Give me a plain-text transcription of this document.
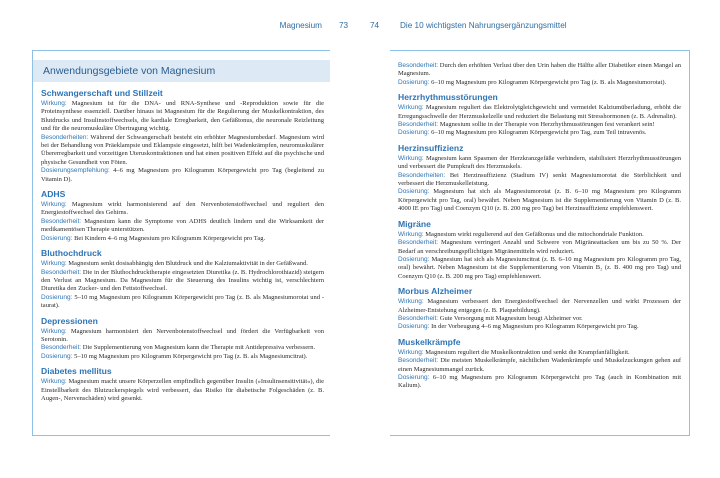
Magnesium 73	74	Die 10 wichtigsten Nahrungsergänzungsmittel
Anwendungsgebiete von Magnesium
Schwangerschaft und Stillzeit

Wirkung: Magnesium ist für die DNA- und RNA-Synthese und -Reproduktion sowie für die Proteinsynthese essenziell. Darüber hinaus ist Magnesium für die Regulierung der Muskelkontraktion, des Blutdrucks und Insulinstoffwechsels, die kardiale Erregbarkeit, den Gefäßtonus, die neuronale Reizleitung und für die neuromuskuläre Übertragung wichtig.

Besonderheiten: Während der Schwangerschaft besteht ein erhöhter Magnesiumbedarf. Magnesium wird bei der Behandlung von Präeklampsie und Eklampsie eingesetzt, hilft bei Wadenkrämpfen, neuromuskulärer Übererregbarkeit und vorzeitigen Uteruskontraktionen und hat einen positiven Effekt auf die psychische und physische Gesundheit von Föten.

Dosierungsempfehlung: 4–6 mg Magnesium pro Kilogramm Körpergewicht pro Tag (begleitend zu Vitamin D).

ADHS

Wirkung: Magnesium wirkt harmonisierend auf den Nervenbotenstoffwechsel und reguliert den Energiestoffwechsel des Gehirns.

Besonderheit: Magnesium kann die Symptome von ADHS deutlich lindern und die Wirksamkeit der medikamentösen Therapie unterstützen.

Dosierung: Bei Kindern 4–6 mg Magnesium pro Kilogramm Körpergewicht pro Tag.

Bluthochdruck

Wirkung: Magnesium senkt dosisabhängig den Blutdruck und die Kalziumaktivität in der Gefäßwand.

Besonderheit: Die in der Bluthochdrucktherapie eingesetzten Diuretika (z. B. Hydrochlorothiazid) steigern den Verlust an Magnesium. Da Magnesium für die Steuerung des Insulins wichtig ist, verschlechtern Diuretika den Zucker- und den Fettstoffwechsel.

Dosierung: 5–10 mg Magnesium pro Kilogramm Körpergewicht pro Tag (z. B. als Magnesiumorotat und -taurat).

Depressionen

Wirkung: Magnesium harmonisiert den Nervenbotenstoffwechsel und fördert die Verfügbarkeit von Serotonin.

Besonderheit: Die Supplementierung von Magnesium kann die Therapie mit Antidepressiva verbessern.

Dosierung: 5–10 mg Magnesium pro Kilogramm Körpergewicht pro Tag (z. B. als Magnesiumcitrat).

Diabetes mellitus

Wirkung: Magnesium macht unsere Körperzellen empfindlich gegenüber Insulin (»Insulinsensitivität«), die Einstellbarkeit des Blutzuckerspiegels wird verbessert, das Risiko für diabetische Folgeschäden (z. B. Augen-, Nervenschäden) wird gesenkt.

Besonderheit: Durch den erhöhten Verlust über den Urin haben die Hälfte aller Diabetiker einen Mangel an Magnesium.

Dosierung: 6–10 mg Magnesium pro Kilogramm Körpergewicht pro Tag (z. B. als Magnesiumorotat).

Herzrhythmusstörungen

Wirkung: Magnesium reguliert das Elektrolytgleichgewicht und vermeidet Kalziumüberladung, erhöht die Erregungsschwelle der Herzmuskelzelle und reduziert die Belastung mit Stresshormonen (z. B. Adrenalin).

Besonderheit: Magnesium sollte in der Therapie von Herzrhythmusstörungen fest verankert sein!

Dosierung: 6–10 mg Magnesium pro Kilogramm Körpergewicht pro Tag, zum Teil intravenös.

Herzinsuffizienz

Wirkung: Magnesium kann Spasmen der Herzkranzgefäße verhindern, stabilisiert Herzrhythmusstörungen und verbessert die Pumpkraft des Herzmuskels.

Besonderheiten: Bei Herzinsuffizienz (Stadium IV) senkt Magnesiumorotat die Sterblichkeit und verbessert die Herzmuskelleistung.

Dosierung: Magnesium hat sich als Magnesiumorotat (z. B. 6–10 mg Magnesium pro Kilogramm Körpergewicht pro Tag, oral) bewährt. Neben Magnesium ist die Supplementierung von Vitamin D (z. B. 4000 IE pro Tag) und Coenzym Q10 (z. B. 200 mg pro Tag) bei Herzinsuffizienz empfehlenswert.

Migräne

Wirkung: Magnesium wirkt regulierend auf den Gefäßtonus und die mitochondriale Funktion.

Besonderheit: Magnesium verringert Anzahl und Schwere von Migräneattacken um bis zu 50 %. Der Bedarf an verschreibungspflichtigen Migränemitteln wird reduziert.

Dosierung: Magnesium hat sich als Magnesiumcitrat (z. B. 6–10 mg Magnesium pro Kilogramm pro Tag, oral) bewährt. Neben Magnesium ist die Supplementierung von Vitamin B₂ (z. B. 400 mg pro Tag) und Coenzym Q10 (z. B. 200 mg pro Tag) empfehlenswert.

Morbus Alzheimer

Wirkung: Magnesium verbessert den Energiestoffwechsel der Nervenzellen und wirkt Prozessen der Alzheimer-Entstehung entgegen (z. B. Plaquebildung).

Besonderheit: Gute Versorgung mit Magnesium beugt Alzheimer vor.

Dosierung: In der Vorbeugung 4–6 mg Magnesium pro Kilogramm Körpergewicht pro Tag.

Muskelkrämpfe

Wirkung: Magnesium reguliert die Muskelkontraktion und senkt die Krampfanfälligkeit.

Besonderheit: Die meisten Muskelkrämpfe, nächtlichen Wadenkrämpfe und Muskelzuckungen gehen auf einen Magnesiummangel zurück.

Dosierung: 6–10 mg Magnesium pro Kilogramm Körpergewicht pro Tag (auch in Kombination mit Kalium).
